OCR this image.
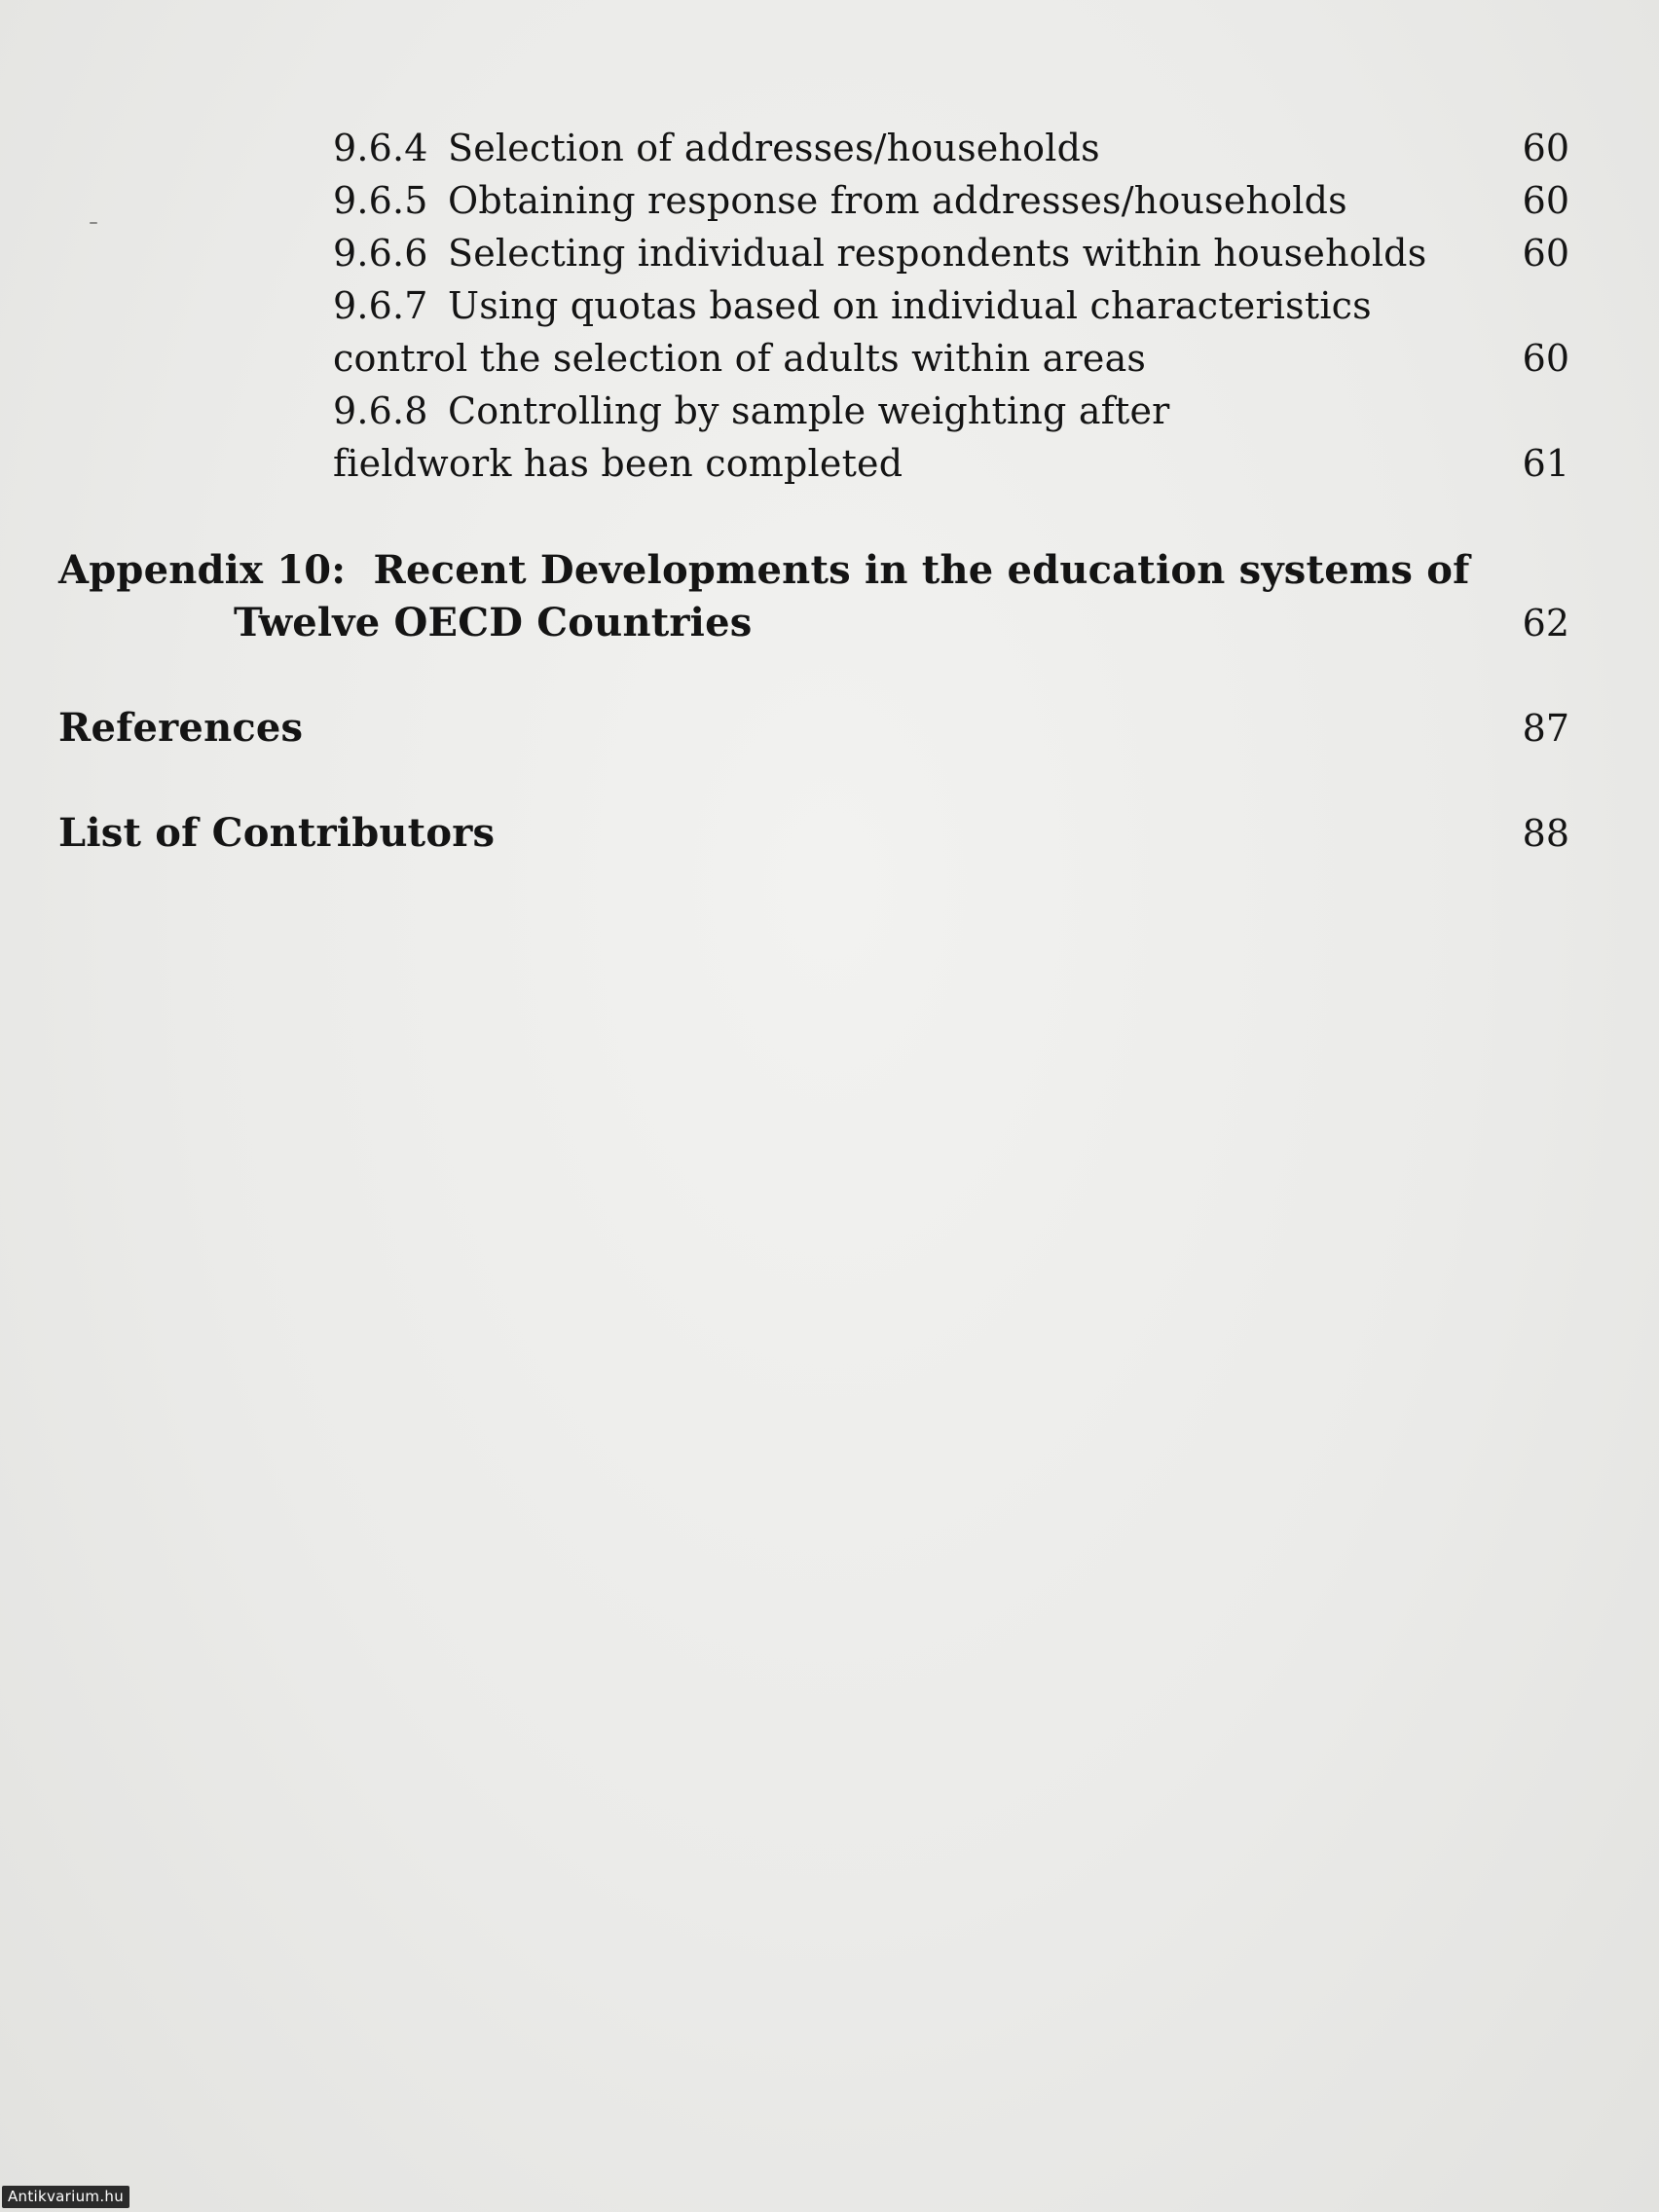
9.6.4 Selection of addresses/households	60
9.6.5 Obtaining response from addresses/households	60
9.6.6 Selecting individual respondents within households	60
9.6.7 Using quotas based on individual characteristics
control the selection of adults within areas	60
9.6.8 Controlling by sample weighting after
fieldwork has been completed	61
Appendix 10: Recent Developments in the education systems of
Twelve OECD Countries	62
References	87
List of Contributors	88
Antikvarium.hu
